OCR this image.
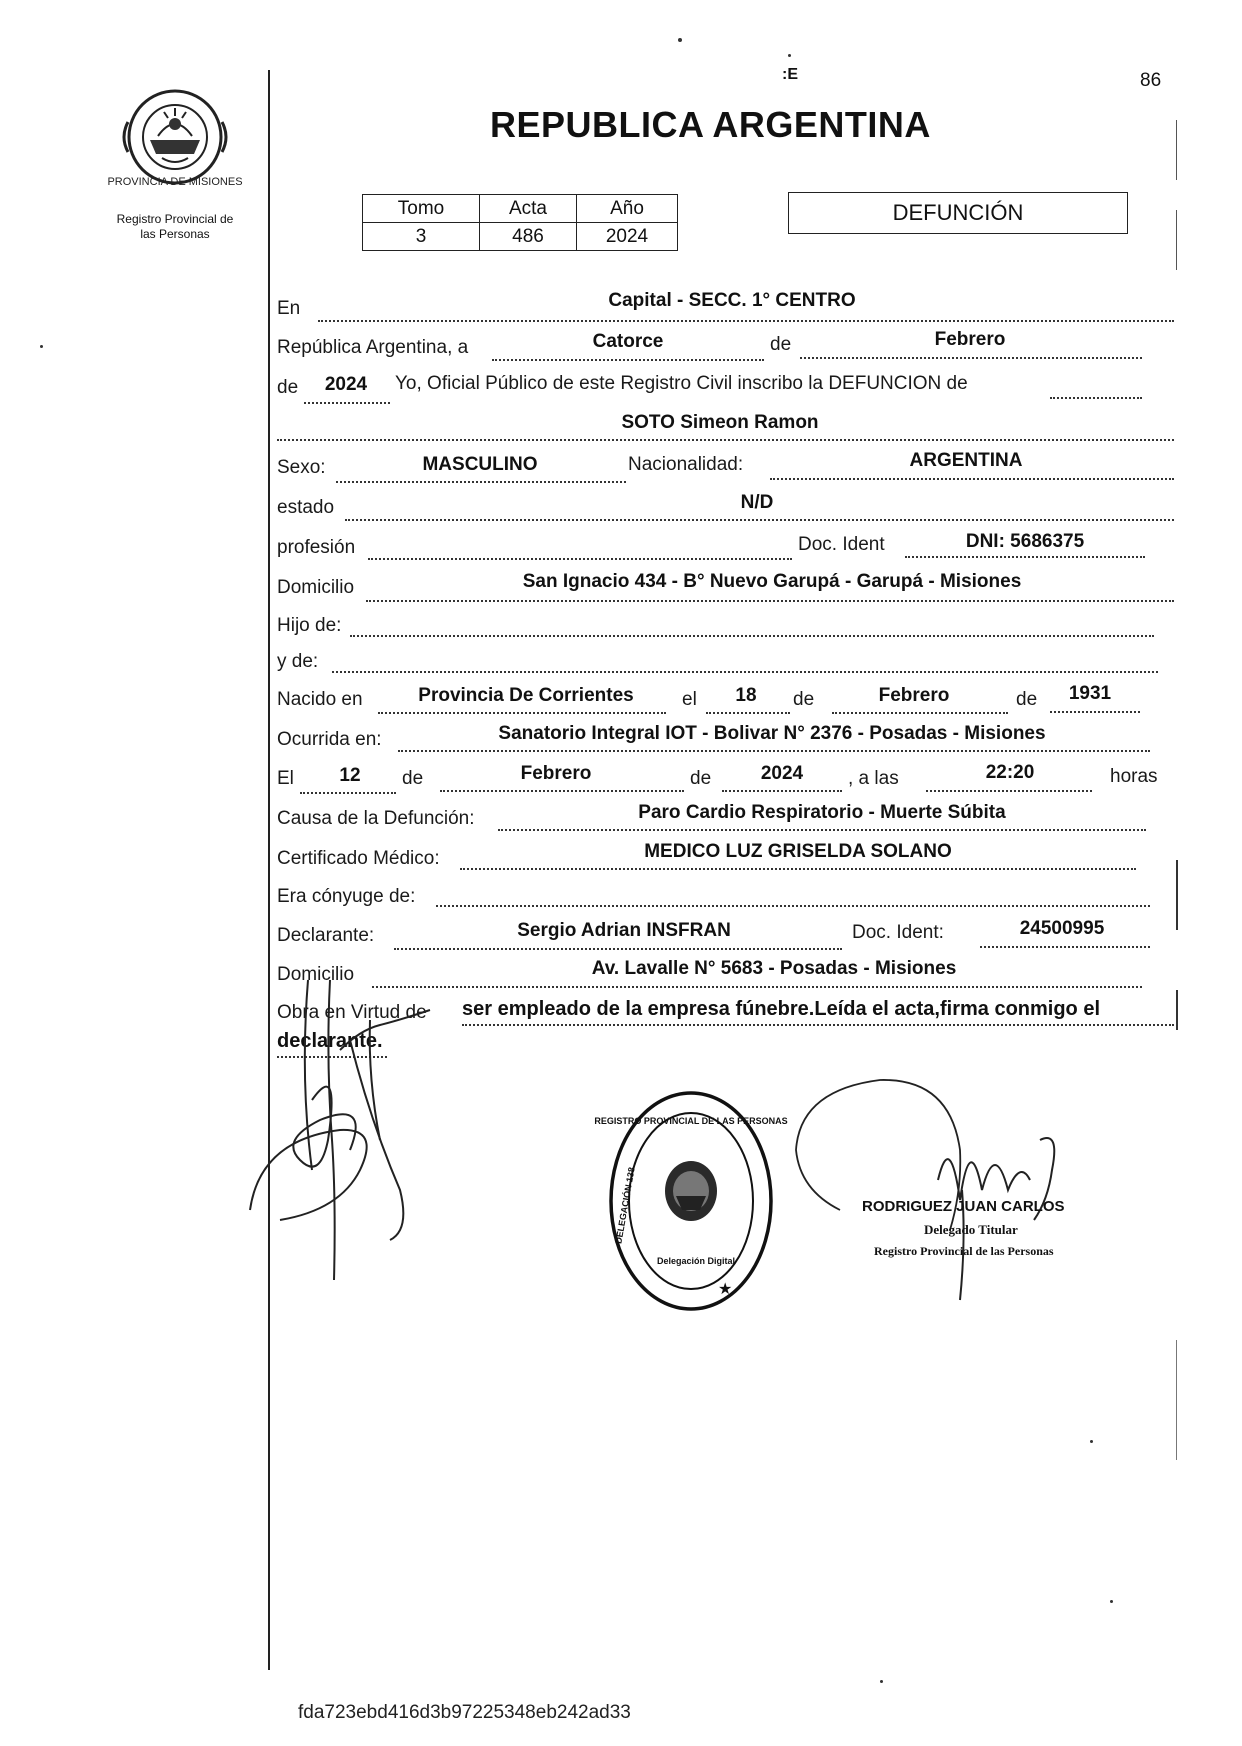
:E	86
PROVINCIA DE MISIONES
Registro Provincial de
las Personas
REPUBLICA ARGENTINA
Tomo	Acta	Año
3	486	2024
DEFUNCIÓN
En	Capital - SECC. 1° CENTRO
República Argentina, a	Catorce	de	Febrero
de 2024 Yo, Oficial Público de este Registro Civil inscribo la DEFUNCION de
SOTO Simeon Ramon
Sexo:	MASCULINO	Nacionalidad:	ARGENTINA
estado	N/D
profesión	Doc. Ident	DNI: 5686375
Domicilio	San Ignacio 434 - B° Nuevo Garupá - Garupá - Misiones
Hijo de:
y de:
Nacido en	Provincia De Corrientes	el 18 de	Febrero	de 1931
Ocurrida en:	Sanatorio Integral IOT - Bolivar N° 2376 - Posadas - Misiones
El 12 de	Febrero	de	2024 , a las	22:20	horas
Causa de la Defunción:	Paro Cardio Respiratorio - Muerte Súbita
Certificado Médico:	MEDICO LUZ GRISELDA SOLANO
Era cónyuge de:
Declarante:	Sergio Adrian INSFRAN	Doc. Ident:	24500995
Domicilio	Av. Lavalle N° 5683 - Posadas - Misiones
Obra en Virtud de ser empleado de la empresa fúnebre.Leída el acta,firma conmigo el
declarante.
REGISTRO PROVINCIAL DE LAS PERSONAS
DELEGACIÓN 138
Delegación Digital
★
RODRIGUEZ JUAN CARLOS
Delegado Titular
Registro Provincial de las Personas
fda723ebd416d3b97225348eb242ad33
